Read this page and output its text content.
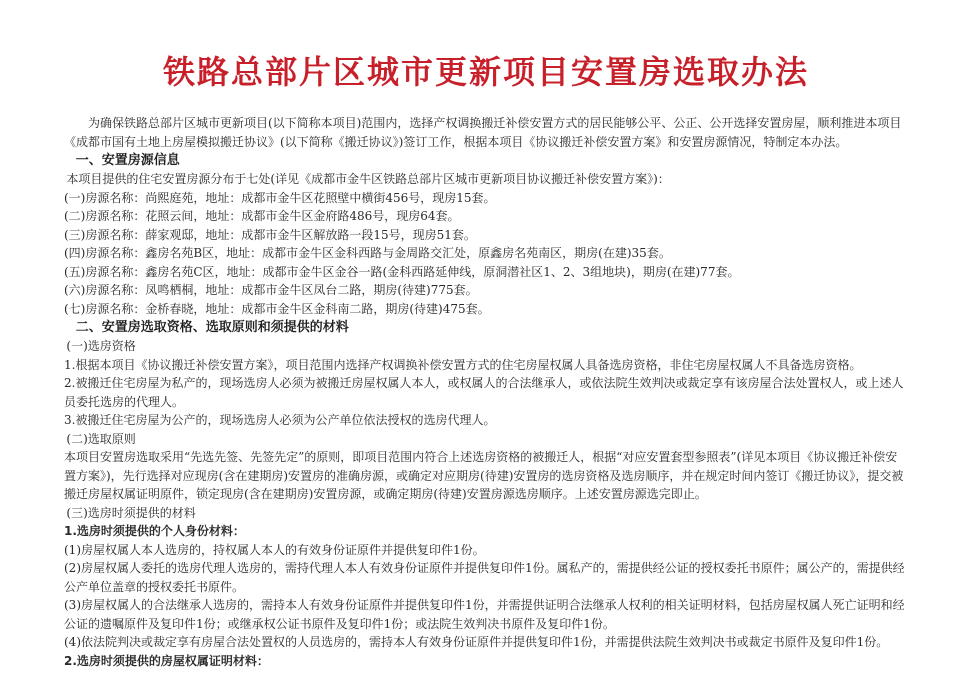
铁路总部片区城市更新项目安置房选取办法

为确保铁路总部片区城市更新项目(以下简称本项目)范围内，选择产权调换搬迁补偿安置方式的居民能够公平、公正、公开选择安置房屋，顺利推进本项目《成都市国有土地上房屋模拟搬迁协议》(以下简称《搬迁协议》)签订工作，根据本项目《协议搬迁补偿安置方案》和安置房源情况，特制定本办法。

一、安置房源信息

本项目提供的住宅安置房源分布于七处(详见《成都市金牛区铁路总部片区城市更新项目协议搬迁补偿安置方案》)：

(一)房源名称：尚熙庭苑，地址：成都市金牛区花照壁中横街456号，现房15套。

(二)房源名称：花照云间，地址：成都市金牛区金府路486号，现房64套。

(三)房源名称：薛家观邸，地址：成都市金牛区解放路一段15号，现房51套。

(四)房源名称：鑫房名苑B区，地址：成都市金牛区金科西路与金周路交汇处，原鑫房名苑南区，期房(在建)35套。

(五)房源名称：鑫房名苑C区，地址：成都市金牛区金谷一路(金科西路延伸线，原洞潜社区1、2、3组地块)，期房(在建)77套。

(六)房源名称：凤鸣栖桐，地址：成都市金牛区凤台二路，期房(待建)775套。

(七)房源名称：金桥春晓，地址：成都市金牛区金科南二路，期房(待建)475套。

二、安置房选取资格、选取原则和须提供的材料

(一)选房资格

1.根据本项目《协议搬迁补偿安置方案》，项目范围内选择产权调换补偿安置方式的住宅房屋权属人具备选房资格，非住宅房屋权属人不具备选房资格。

2.被搬迁住宅房屋为私产的，现场选房人必须为被搬迁房屋权属人本人，或权属人的合法继承人，或依法院生效判决或裁定享有该房屋合法处置权人，或上述人员委托选房的代理人。

3.被搬迁住宅房屋为公产的，现场选房人必须为公产单位依法授权的选房代理人。

(二)选取原则

本项目安置房选取采用“先选先签、先签先定”的原则，即项目范围内符合上述选房资格的被搬迁人，根据“对应安置套型参照表”(详见本项目《协议搬迁补偿安置方案》)，先行选择对应现房(含在建期房)安置房的准确房源，或确定对应期房(待建)安置房的选房资格及选房顺序，并在规定时间内签订《搬迁协议》，提交被搬迁房屋权属证明原件，锁定现房(含在建期房)安置房源，或确定期房(待建)安置房源选房顺序。上述安置房源选完即止。

(三)选房时须提供的材料

1.选房时须提供的个人身份材料：

(1)房屋权属人本人选房的，持权属人本人的有效身份证原件并提供复印件1份。

(2)房屋权属人委托的选房代理人选房的，需持代理人本人有效身份证原件并提供复印件1份。属私产的，需提供经公证的授权委托书原件；属公产的，需提供经公产单位盖章的授权委托书原件。

(3)房屋权属人的合法继承人选房的，需持本人有效身份证原件并提供复印件1份，并需提供证明合法继承人权利的相关证明材料，包括房屋权属人死亡证明和经公证的遗嘱原件及复印件1份；或继承权公证书原件及复印件1份；或法院生效判决书原件及复印件1份。

(4)依法院判决或裁定享有房屋合法处置权的人员选房的，需持本人有效身份证原件并提供复印件1份，并需提供法院生效判决书或裁定书原件及复印件1份。

2.选房时须提供的房屋权属证明材料：
